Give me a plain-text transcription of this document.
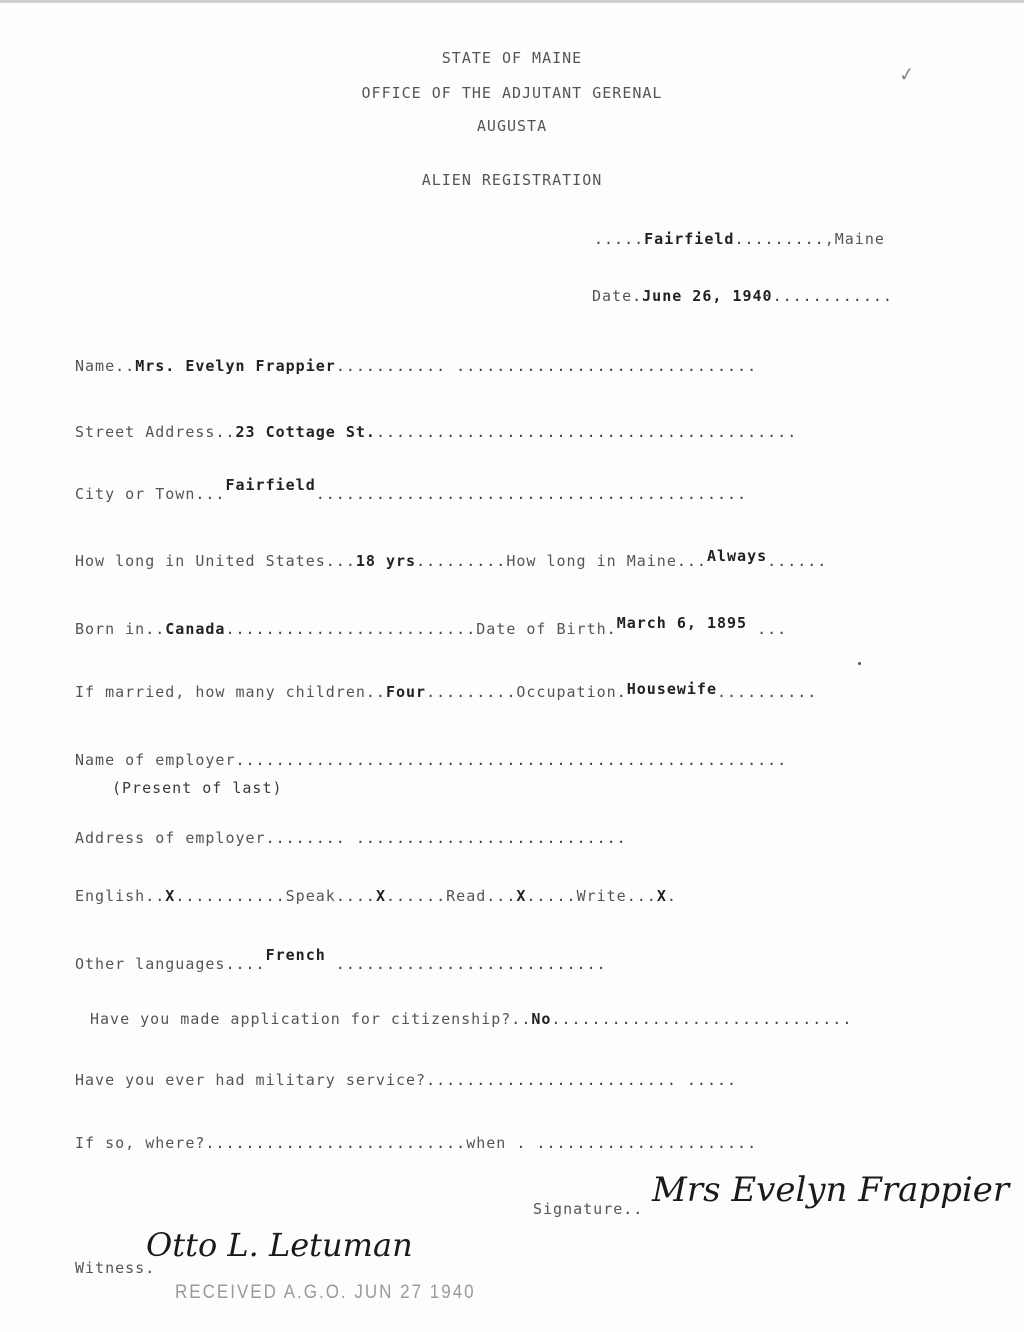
STATE OF MAINE
OFFICE OF THE ADJUTANT GERENAL
AUGUSTA
ALIEN REGISTRATION
✓
.....Fairfield.........,Maine
Date.June 26, 1940............
Name..Mrs. Evelyn Frappier........... ..............................
Street Address..23 Cottage St...........................................
City or Town...Fairfield...........................................
How long in United States...18 yrs.........How long in Maine...Always......
Born in..Canada.........................Date of Birth.March 6, 1895 ...
If married, how many children..Four.........Occupation.Housewife..........
Name of employer.......................................................
(Present of last)
Address of employer........ ...........................
English..X...........Speak....X......Read...X.....Write...X.
Other languages....French ...........................
Have you made application for citizenship?..No..............................
Have you ever had military service?......................... .....
If so, where?..........................when . ......................
Signature.. Mrs Evelyn Frappier
Witness.
Otto L. Letuman
RECEIVED A.G.O. JUN 27 1940
